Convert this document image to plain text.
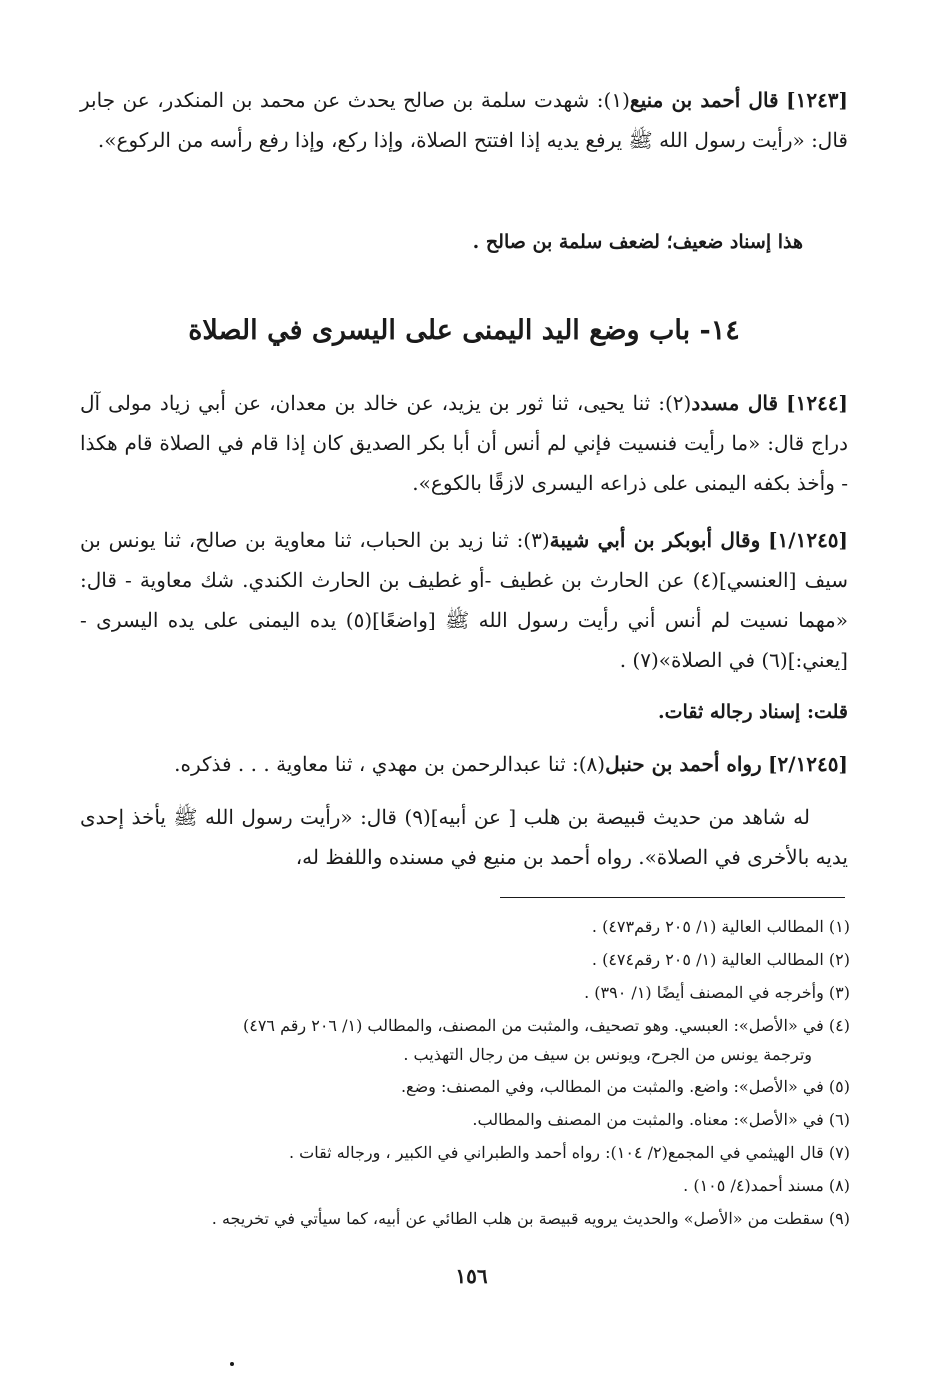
[١٢٤٣] قال أحمد بن منيع(١): شهدت سلمة بن صالح يحدث عن محمد بن المنكدر، عن جابر قال: «رأيت رسول الله ﷺ يرفع يديه إذا افتتح الصلاة، وإذا ركع، وإذا رفع رأسه من الركوع».
هذا إسناد ضعيف؛ لضعف سلمة بن صالح .
١٤- باب وضع اليد اليمنى على اليسرى في الصلاة
[١٢٤٤] قال مسدد(٢): ثنا يحيى، ثنا ثور بن يزيد، عن خالد بن معدان، عن أبي زياد مولى آل دراج قال: «ما رأيت فنسيت فإني لم أنس أن أبا بكر الصديق كان إذا قام في الصلاة قام هكذا - وأخذ بكفه اليمنى على ذراعه اليسرى لازقًا بالكوع».
[١/١٢٤٥] وقال أبوبكر بن أبي شيبة(٣): ثنا زيد بن الحباب، ثنا معاوية بن صالح، ثنا يونس بن سيف [العنسي](٤) عن الحارث بن غطيف -أو غطيف بن الحارث الكندي. شك معاوية - قال: «مهما نسيت لم أنس أني رأيت رسول الله ﷺ [واضعًا](٥) يده اليمنى على يده اليسرى - [يعني:](٦) في الصلاة»(٧) .
قلت: إسناد رجاله ثقات.
[٢/١٢٤٥] رواه أحمد بن حنبل(٨): ثنا عبدالرحمن بن مهدي ، ثنا معاوية . . . فذكره.
له شاهد من حديث قبيصة بن هلب [ عن أبيه](٩) قال: «رأيت رسول الله ﷺ يأخذ إحدى يديه بالأخرى في الصلاة». رواه أحمد بن منيع في مسنده واللفظ له،
(١) المطالب العالية (١/ ٢٠٥ رقم٤٧٣) .
(٢) المطالب العالية (١/ ٢٠٥ رقم٤٧٤) .
(٣) وأخرجه في المصنف أيضًا (١/ ٣٩٠) .
(٤) في «الأصل»: العبسي. وهو تصحيف، والمثبت من المصنف، والمطالب (١/ ٢٠٦ رقم ٤٧٦)
وترجمة يونس من الجرح، ويونس بن سيف من رجال التهذيب .
(٥) في «الأصل»: واضع. والمثبت من المطالب، وفي المصنف: وضع.
(٦) في «الأصل»: معناه. والمثبت من المصنف والمطالب.
(٧) قال الهيثمي في المجمع(٢/ ١٠٤): رواه أحمد والطبراني في الكبير ، ورجاله ثقات .
(٨) مسند أحمد(٤/ ١٠٥) .
(٩) سقطت من «الأصل» والحديث يرويه قبيصة بن هلب الطائي عن أبيه، كما سيأتي في تخريجه .
١٥٦
